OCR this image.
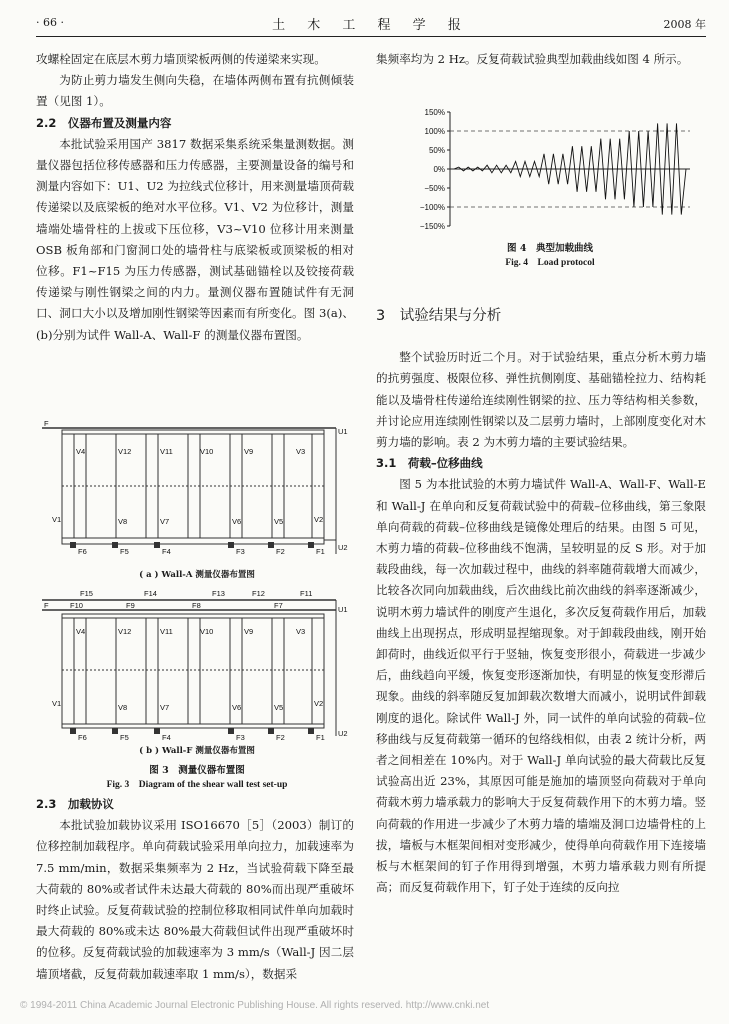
· 66 ·	土 木 工 程 学 报	2008 年

攻螺栓固定在底层木剪力墙顶梁板两侧的传递梁来实现。

为防止剪力墙发生侧向失稳，在墙体两侧布置有抗侧倾装置（见图 1）。

2.2　仪器布置及测量内容

本批试验采用国产 3817 数据采集系统采集量测数据。测量仪器包括位移传感器和压力传感器，主要测量设备的编号和测量内容如下：U1、U2 为拉线式位移计，用来测量墙顶荷载传递梁以及底梁板的绝对水平位移。V1、V2 为位移计，测量墙端处墙骨柱的上拔或下压位移，V3~V10 位移计用来测量 OSB 板角部和门窗洞口处的墙骨柱与底梁板或顶梁板的相对位移。F1~F15 为压力传感器，测试基础锚栓以及铰接荷载传递梁与刚性钢梁之间的内力。量测仪器布置随试件有无洞口、洞口大小以及增加刚性钢梁等因素而有所变化。图 3(a)、(b)分别为试件 Wall-A、Wall-F 的测量仪器布置图。

F
U1
U2
V4	V12	V11	V10	V9	V3
V1	V8	V7	V6	V5	V2
F6	F5	F4	F3	F2	F1
( a ) Wall-A 测量仪器布置图
F15	F14	F13	F12	F11
F10	F9	F8	F7
F	U1
U2
V4	V12	V11	V10	V9	V3
V1	V8	V7	V6	V5	V2
F6	F5	F4	F3	F2	F1
( b ) Wall-F 测量仪器布置图
图 3　测量仪器布置图
Fig. 3　Diagram of the shear wall test set-up

2.3　加载协议

本批试验加载协议采用 ISO16670［5］（2003）制订的位移控制加载程序。单向荷载试验采用单向拉力，加载速率为 7.5 mm/min，数据采集频率为 2 Hz，当试验荷载下降至最大荷载的 80%或者试件未达最大荷载的 80%而出现严重破坏时终止试验。反复荷载试验的控制位移取相同试件单向加载时最大荷载的 80%或未达 80%最大荷载但试件出现严重破坏时的位移。反复荷载试验的加载速率为 3 mm/s（Wall-J 因二层墙顶堵截，反复荷载加载速率取 1 mm/s），数据采

集频率均为 2 Hz。反复荷载试验典型加载曲线如图 4 所示。

150%
100%
50%
0%
−50%
−100%
−150%
图 4　典型加载曲线
Fig. 4　Load protocol

3　试验结果与分析

整个试验历时近二个月。对于试验结果，重点分析木剪力墙的抗剪强度、极限位移、弹性抗侧刚度、基础锚栓拉力、结构耗能以及墙骨柱传递给连续刚性钢梁的拉、压力等结构相关参数，并讨论应用连续刚性钢梁以及二层剪力墙时，上部刚度变化对木剪力墙的影响。表 2 为木剪力墙的主要试验结果。

3.1　荷载–位移曲线

图 5 为本批试验的木剪力墙试件 Wall-A、Wall-F、Wall-E 和 Wall-J 在单向和反复荷载试验中的荷载–位移曲线，第三象限单向荷载的荷载–位移曲线是镜像处理后的结果。由图 5 可见，木剪力墙的荷载–位移曲线不饱满，呈较明显的反 S 形。对于加载段曲线，每一次加载过程中，曲线的斜率随荷载增大而减少，比较各次同向加载曲线，后次曲线比前次曲线的斜率逐渐减少，说明木剪力墙试件的刚度产生退化，多次反复荷载作用后，加载曲线上出现拐点，形成明显捏缩现象。对于卸载段曲线，刚开始卸荷时，曲线近似平行于竖轴，恢复变形很小，荷载进一步减少后，曲线趋向平缓，恢复变形逐渐加快，有明显的恢复变形滞后现象。曲线的斜率随反复加卸载次数增大而减小，说明试件卸载刚度的退化。除试件 Wall-J 外，同一试件的单向试验的荷载–位移曲线与反复荷载第一循环的包络线相似，由表 2 统计分析，两者之间相差在 10%内。对于 Wall-J 单向试验的最大荷载比反复试验高出近 23%，其原因可能是施加的墙顶竖向荷载对于单向荷载木剪力墙承载力的影响大于反复荷载作用下的木剪力墙。竖向荷载的作用进一步减少了木剪力墙的墙端及洞口边墙骨柱的上拔，墙板与木框架间相对变形减少，使得单向荷载作用下连接墙板与木框架间的钉子作用得到增强，木剪力墙承载力则有所提高；而反复荷载作用下，钉子处于连续的反向拉

© 1994-2011 China Academic Journal Electronic Publishing House. All rights reserved. http://www.cnki.net
